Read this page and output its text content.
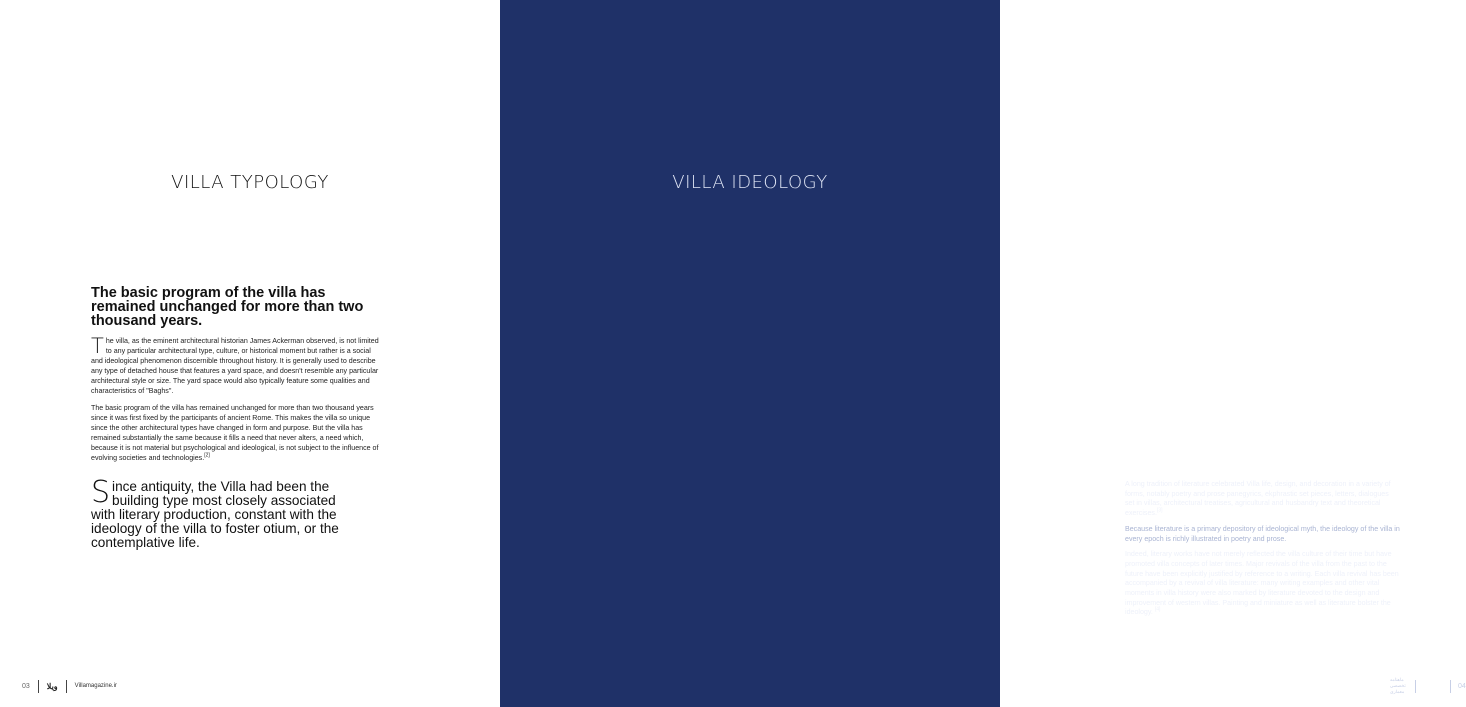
VILLA TYPOLOGY
The basic program of the villa has remained unchanged for more than two thousand years.

The villa, as the eminent architectural historian James Ackerman observed, is not limited to any particular architectural type, culture, or historical moment but rather is a social and ideological phenomenon discernible throughout history. It is generally used to describe any type of detached house that features a yard space, and doesn't resemble any particular architectural style or size. The yard space would also typically feature some qualities and characteristics of "Baghs".

The basic program of the villa has remained unchanged for more than two thousand years since it was first fixed by the participants of ancient Rome. This makes the villa so unique since the other architectural types have changed in form and purpose. But the villa has remained substantially the same because it fills a need that never alters, a need which, because it is not material but psychological and ideological, is not subject to the influence of evolving societies and technologies.[2]

Since antiquity, the Villa had been the building type most closely associated with literary production, constant with the ideology of the villa to foster otium, or the contemplative life.

03 ویلا	Villamagazine.ir
VILLA IDEOLOGY

The villa is a paradigm not only of architecture but of ideology: It is a myth of fantasy through which is generated by psychological rather than utilitarian needs.

A long tradition of literature celebrated Villa life, design, and decoration in a variety of forms, notably poetry and prose panegyrics, ekphrastic set pieces, letters, dialogues set in villas, architectural treatises, agricultural and husbandry text and theoretical exercises.[3]

Because literature is a primary depository of ideological myth, the ideology of the villa in every epoch is richly illustrated in poetry and prose.

Indeed, literary works have not merely reflected the villa culture of their time but have promoted villa concepts of later times. Major revivals of the villa from the past to the future have been explicitly justified by reference to a writing. Each villa revival has been accompanied by a revival of villa literature: many writing examples and other vital moments in villa history were also marked by literature devoted to the design and improvement of western villas. Painting and miniature as well as literature bolster the ideology. [4]

ماهنامه تخصصی معماری
ویلا	04
